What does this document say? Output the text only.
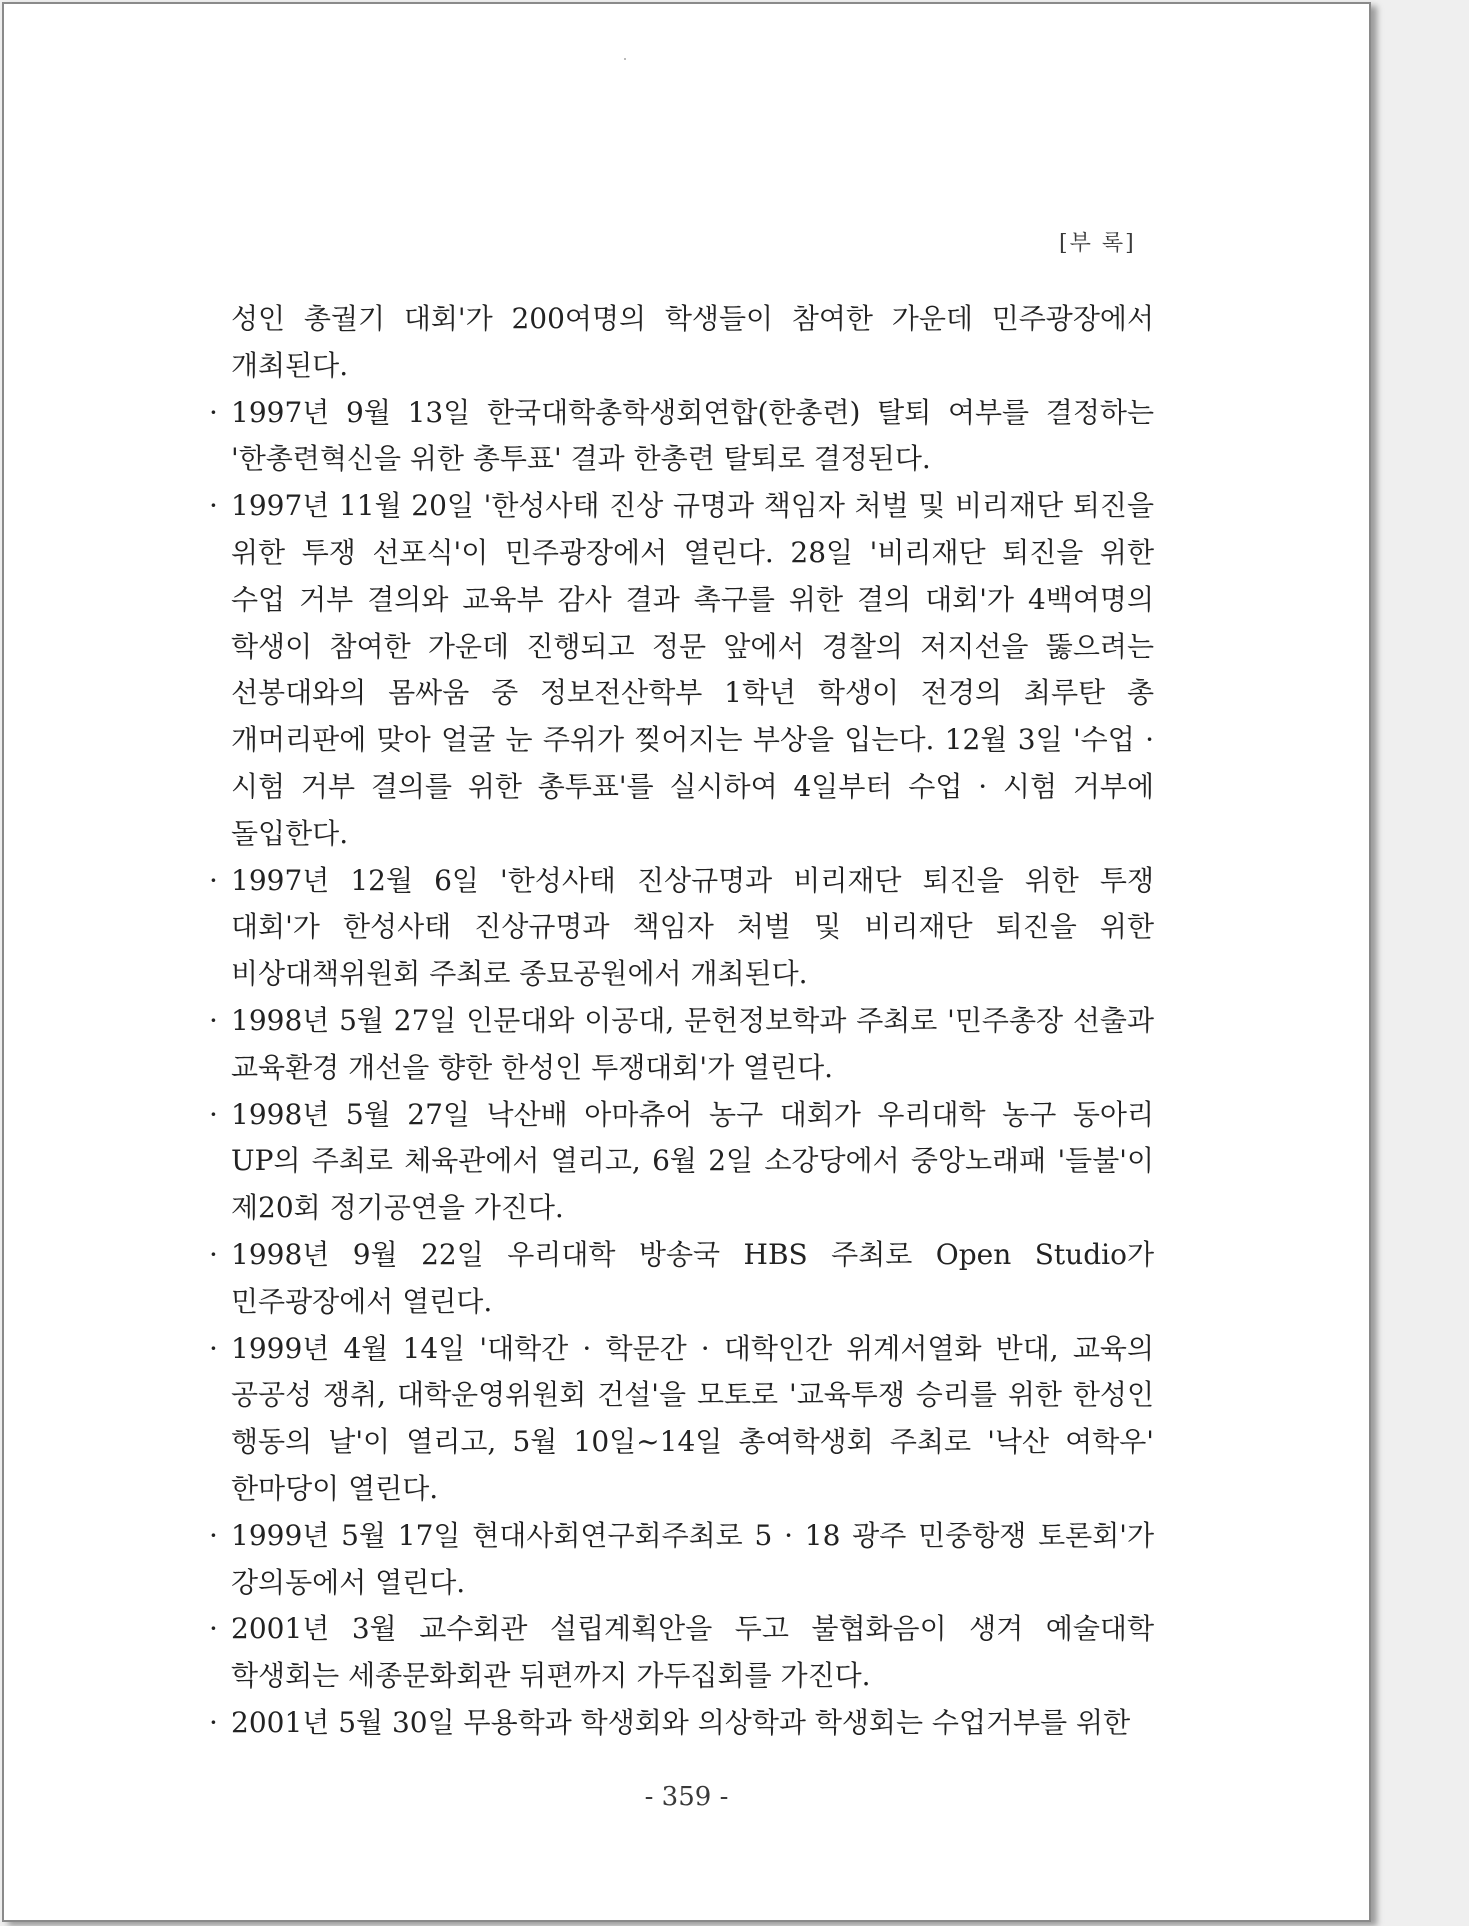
[부 록]

성인 총궐기 대회'가 200여명의 학생들이 참여한 가운데 민주광장에서 개최된다.

· 1997년 9월 13일 한국대학총학생회연합(한총련) 탈퇴 여부를 결정하는 '한총련혁신을 위한 총투표' 결과 한총련 탈퇴로 결정된다.

· 1997년 11월 20일 '한성사태 진상 규명과 책임자 처벌 및 비리재단 퇴진을 위한 투쟁 선포식'이 민주광장에서 열린다. 28일 '비리재단 퇴진을 위한 수업 거부 결의와 교육부 감사 결과 촉구를 위한 결의 대회'가 4백여명의 학생이 참여한 가운데 진행되고 정문 앞에서 경찰의 저지선을 뚫으려는 선봉대와의 몸싸움 중 정보전산학부 1학년 학생이 전경의 최루탄 총 개머리판에 맞아 얼굴 눈 주위가 찢어지는 부상을 입는다. 12월 3일 '수업 · 시험 거부 결의를 위한 총투표'를 실시하여 4일부터 수업 · 시험 거부에 돌입한다.

· 1997년 12월 6일 '한성사태 진상규명과 비리재단 퇴진을 위한 투쟁 대회'가 한성사태 진상규명과 책임자 처벌 및 비리재단 퇴진을 위한 비상대책위원회 주최로 종묘공원에서 개최된다.

· 1998년 5월 27일 인문대와 이공대, 문헌정보학과 주최로 '민주총장 선출과 교육환경 개선을 향한 한성인 투쟁대회'가 열린다.

· 1998년 5월 27일 낙산배 아마츄어 농구 대회가 우리대학 농구 동아리 UP의 주최로 체육관에서 열리고, 6월 2일 소강당에서 중앙노래패 '들불'이 제20회 정기공연을 가진다.

· 1998년 9월 22일 우리대학 방송국 HBS 주최로 Open Studio가 민주광장에서 열린다.

· 1999년 4월 14일 '대학간 · 학문간 · 대학인간 위계서열화 반대, 교육의 공공성 쟁취, 대학운영위원회 건설'을 모토로 '교육투쟁 승리를 위한 한성인 행동의 날'이 열리고, 5월 10일~14일 총여학생회 주최로 '낙산 여학우' 한마당이 열린다.

· 1999년 5월 17일 현대사회연구회주최로 5 · 18 광주 민중항쟁 토론회'가 강의동에서 열린다.

· 2001년 3월 교수회관 설립계획안을 두고 불협화음이 생겨 예술대학 학생회는 세종문화회관 뒤편까지 가두집회를 가진다.

· 2001년 5월 30일 무용학과 학생회와 의상학과 학생회는 수업거부를 위한

- 359 -
